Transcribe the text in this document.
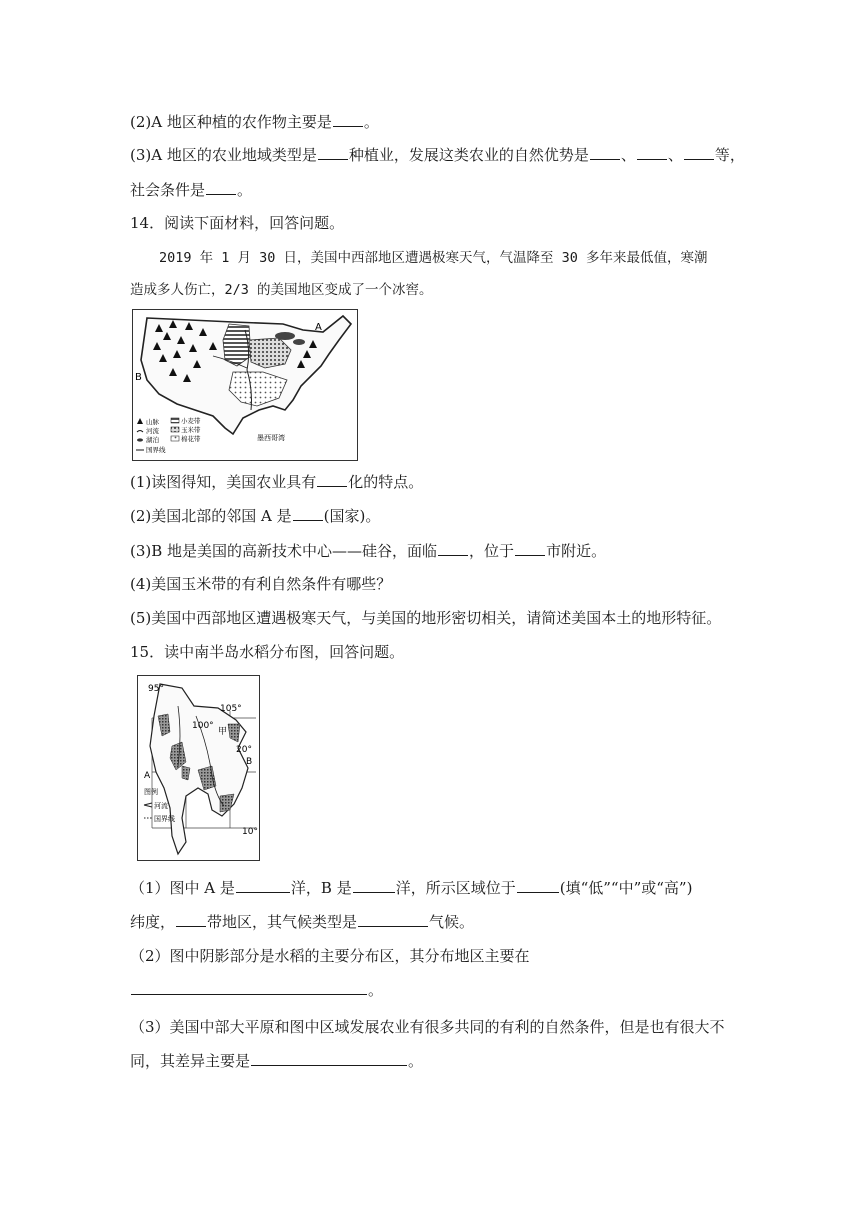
(2)A 地区种植的农作物主要是 。
(3)A 地区的农业地域类型是 种植业，发展这类农业的自然优势是 、 、 等，
社会条件是 。
14．阅读下面材料，回答问题。
2019 年 1 月 30 日，美国中西部地区遭遇极寒天气，气温降至 30 多年来最低值，寒潮
造成多人伤亡，2/3 的美国地区变成了一个冰窖。
A
B
墨西哥湾
山脉
河流
湖泊
国界线
小麦带
玉米带
棉花带
(1)读图得知，美国农业具有 化的特点。
(2)美国北部的邻国 A 是 (国家)。
(3)B 地是美国的高新技术中心——硅谷，面临 ，位于 市附近。
(4)美国玉米带的有利自然条件有哪些？
(5)美国中西部地区遭遇极寒天气，与美国的地形密切相关，请简述美国本土的地形特征。
15．读中南半岛水稻分布图，回答问题。
95°
100°
105°
20°
10°
A
B
甲
图例
河流
国界线
（1）图中 A 是	洋，B 是	洋，所示区域位于	(填“低”“中”或“高”)
纬度， 带地区，其气候类型是	气候。
（2）图中阴影部分是水稻的主要分布区，其分布地区主要在
。
（3）美国中部大平原和图中区域发展农业有很多共同的有利的自然条件，但是也有很大不
同，其差异主要是	。
